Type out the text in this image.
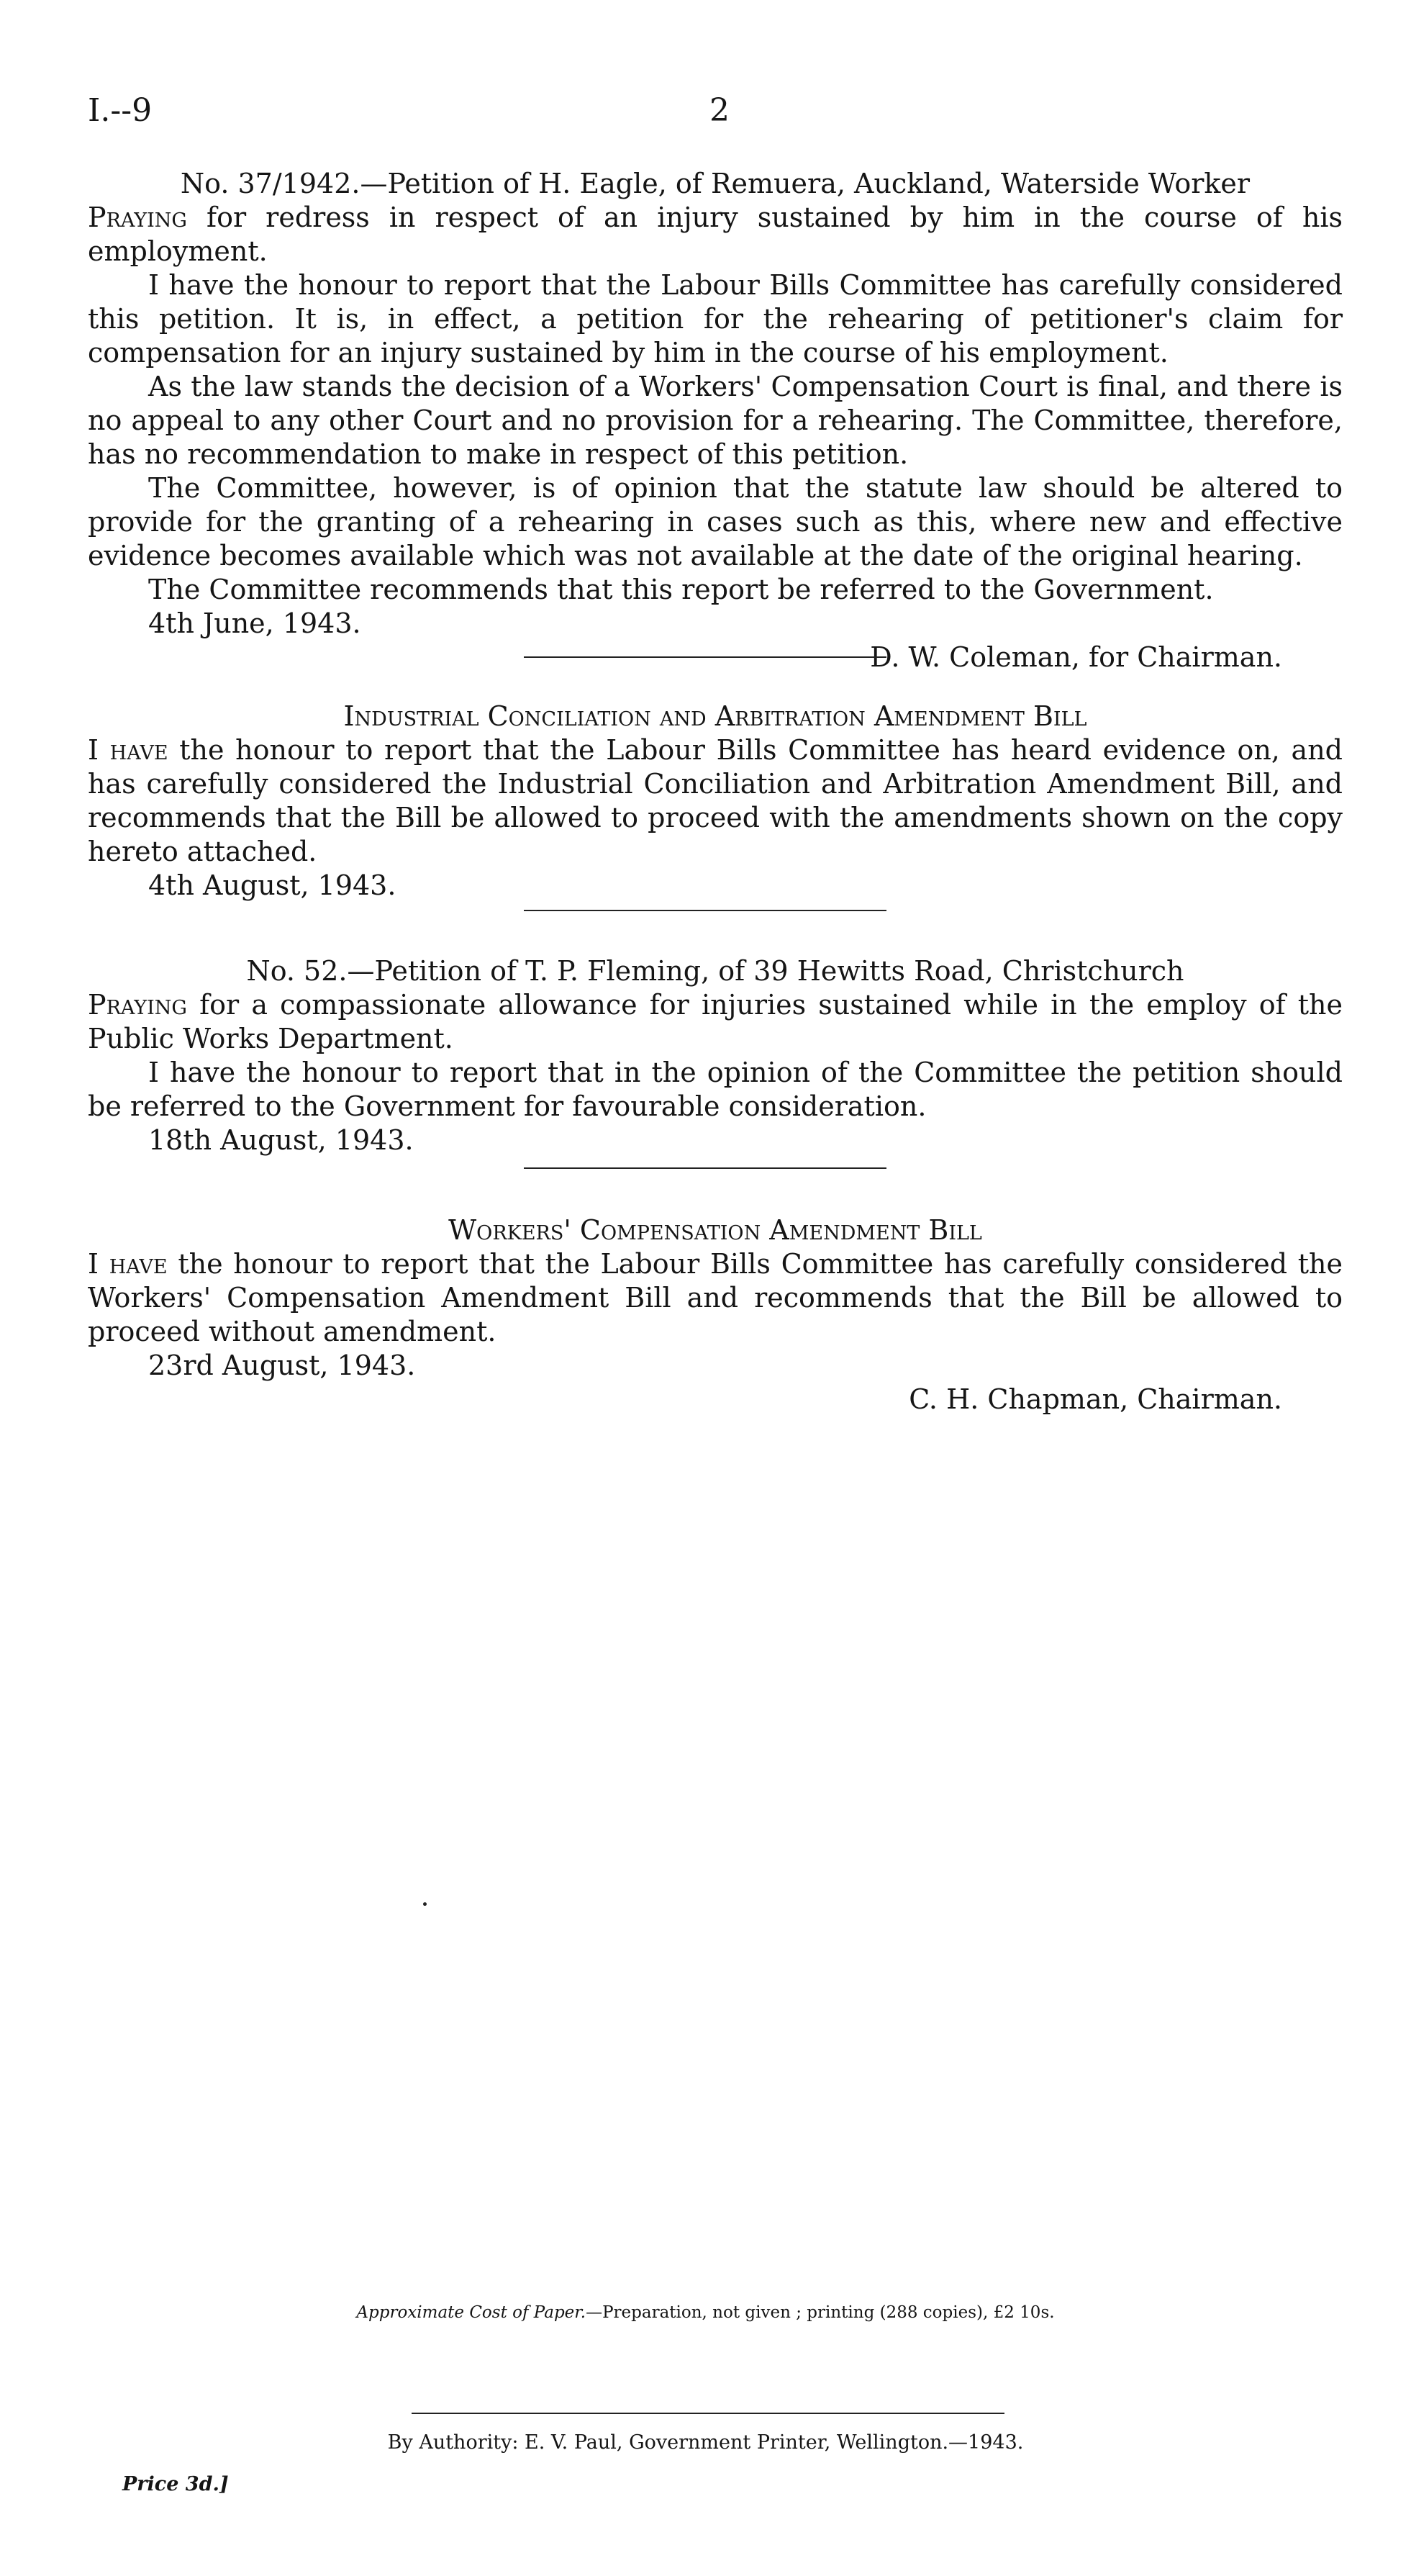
I.--9	2
No. 37/1942.—Petition of H. Eagle, of Remuera, Auckland, Waterside Worker
Praying for redress in respect of an injury sustained by him in the course of his employment.
I have the honour to report that the Labour Bills Committee has carefully considered this petition. It is, in effect, a petition for the rehearing of petitioner's claim for compensation for an injury sustained by him in the course of his employment.
As the law stands the decision of a Workers' Compensation Court is final, and there is no appeal to any other Court and no provision for a rehearing. The Committee, therefore, has no recommendation to make in respect of this petition.
The Committee, however, is of opinion that the statute law should be altered to provide for the granting of a rehearing in cases such as this, where new and effective evidence becomes available which was not available at the date of the original hearing.
The Committee recommends that this report be referred to the Government.
4th June, 1943.
D. W. Coleman, for Chairman.
Industrial Conciliation and Arbitration Amendment Bill
I have the honour to report that the Labour Bills Committee has heard evidence on, and has carefully considered the Industrial Conciliation and Arbitration Amendment Bill, and recommends that the Bill be allowed to proceed with the amendments shown on the copy hereto attached.
4th August, 1943.
No. 52.—Petition of T. P. Fleming, of 39 Hewitts Road, Christchurch
Praying for a compassionate allowance for injuries sustained while in the employ of the Public Works Department.
I have the honour to report that in the opinion of the Committee the petition should be referred to the Government for favourable consideration.
18th August, 1943.
Workers' Compensation Amendment Bill
I have the honour to report that the Labour Bills Committee has carefully considered the Workers' Compensation Amendment Bill and recommends that the Bill be allowed to proceed without amendment.
23rd August, 1943.
C. H. Chapman, Chairman.
Approximate Cost of Paper.—Preparation, not given ; printing (288 copies), £2 10s.
By Authority: E. V. Paul, Government Printer, Wellington.—1943.
Price 3d.]
